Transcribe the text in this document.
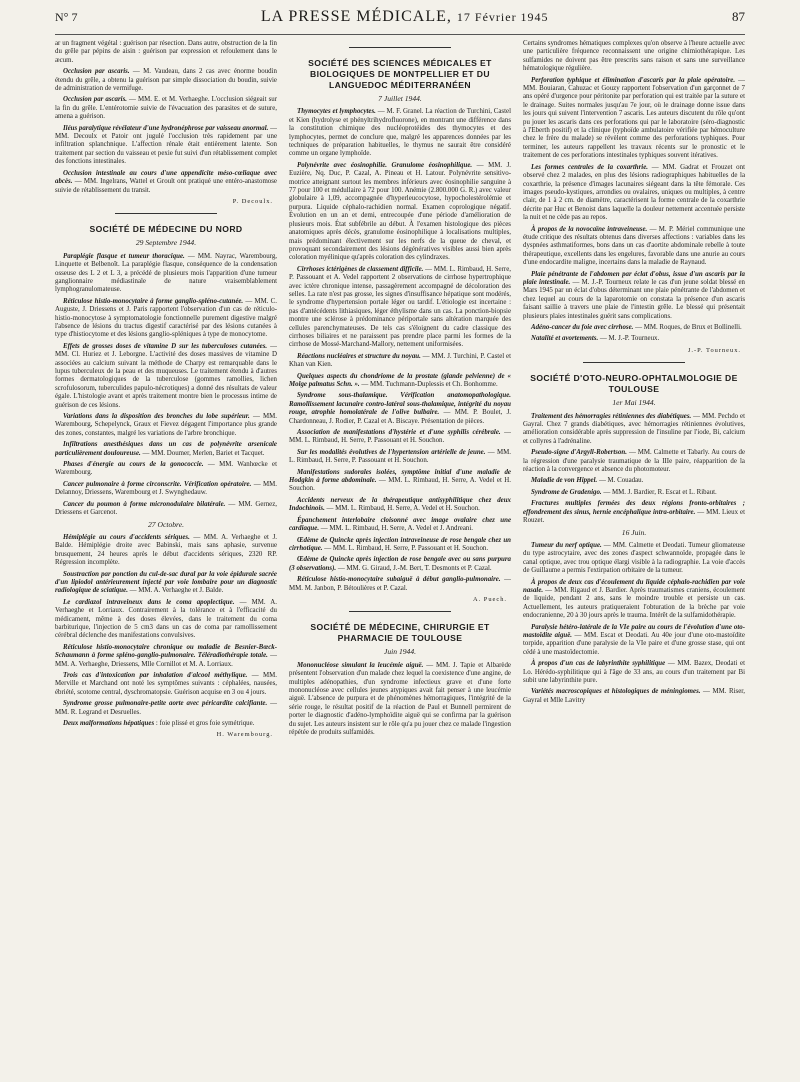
N° 7	LA PRESSE MÉDICALE, 17 Février 1945	87

ar un fragment végétal : guérison par résection. Dans autre, obstruction de la fin du grêle par pépins de aisin : guérison par expression et refoulement dans le æcum.

Occlusion par ascaris. — M. Vaudeau, dans 2 cas avec énorme boudin étendu du grêle, a obtenu la guérison par simple dissociation du boudin, suivie de administration de vermifuge.

Occlusion par ascaris. — MM. E. et M. Verhaeghe. L'occlusion siégeait sur la fin du grêle. L'entérotomie suivie de l'évacuation des parasites et de suture, amena a guérison.

Iléus paralytique révélateur d'une hydronéphrose par vaisseau anormal. — MM. Decoulx et Patoir ont jugulé l'occlusion très rapidement par une infiltration splanchnique. L'affection rénale était entièrement latente. Son traitement par section du vaisseau et pexie fut suivi d'un rétablissement complet des fonctions intestinales.

Occlusion intestinale au cours d'une appendicite méso-cœliaque avec abcès. — MM. Ingelrans, Wattel et Groult ont pratiqué une entéro-anastomose suivie de rétablissement du transit.

P. Decoulx.
SOCIÉTÉ DE MÉDECINE DU NORD
29 Septembre 1944.

Paraplégie flasque et tumeur thoracique. — MM. Nayrac, Warembourg, Linquette et Belbenoît. La paraplégie flasque, conséquence de la condensation osseuse des L 2 et L 3, a précédé de plusieurs mois l'apparition d'une tumeur ganglionnaire médiastinale de nature vraisemblablement lymphogranulomateuse.

Réticulose histio-monocytaire à forme ganglio-spléno-cutanée. — MM. C. Auguste, J. Driessens et J. Paris rapportent l'observation d'un cas de réticulo-histio-monocytose à symptomatologie fonctionnelle purement digestive malgré l'absence de lésions du tractus digestif caractérisé par des lésions cutanées à type d'histiocytome et des lésions ganglio-spléniques à type de monocytome.

Effets de grosses doses de vitamine D sur les tuberculoses cutanées. — MM. Cl. Huriez et J. Leborgne. L'activité des doses massives de vitamine D associées au calcium suivant la méthode de Charpy est remarquable dans le lupus tuberculeux de la peau et des muqueuses. Le traitement étendu à d'autres formes dermatologiques de la tuberculose (gommes ramollies, lichen scrofulosorum, tuberculides papulo-nécrotiques) a donné des résultats de valeur égale. L'histologie avant et après traitement montre bien le processus intime de guérison de ces lésions.

Variations dans la disposition des bronches du lobe supérieur. — MM. Warembourg, Schepelynck, Graux et Fievez dégagent l'importance plus grande des zones, constantes, malgré les variations de l'arbre bronchique.

Infiltrations anesthésiques dans un cas de polynévrite arsenicale particulièrement douloureuse. — MM. Doumer, Merlen, Bariet et Tacquet.

Phases d'énergie au cours de la gonococcie. — MM. Wanhœcke et Warembourg.

Cancer pulmonaire à forme circonscrite. Vérification opératoire. — MM. Delannoy, Driessens, Warembourg et J. Swynghedauw.

Cancer du poumon à forme micronodulaire bilatérale. — MM. Gernez, Driessens et Garcenot.

27 Octobre.

Hémiplégie au cours d'accidents sériques. — MM. A. Verhaeghe et J. Balde. Hémiplégie droite avec Babinski, mais sans aphasie, survenue brusquement, 24 heures après le début d'accidents sériques, 2320 RP. Régression incomplète.

Soustraction par ponction du cul-de-sac dural par la voie épidurale sacrée d'un lipiodol antérieurement injecté par voie lombaire pour un diagnostic radiologique de sciatique. — MM. A. Verhaeghe et J. Balde.

Le cardiazol intraveineux dans le coma apoplectique. — MM. A. Verhaeghe et Lorriaux. Contrairement à la tolérance et à l'efficacité du médicament, même à des doses élevées, dans le traitement du coma barbiturique, l'injection de 5 cm3 dans un cas de coma par ramollissement cérébral déclenche des manifestations convulsives.

Réticulose histio-monocytaire chronique ou maladie de Besnier-Bœck-Schaumann à forme spléno-ganglio-pulmonaire. Téléradiothérapie totale. — MM. A. Verhaeghe, Driessens, Mlle Cornillot et M. A. Lorriaux.

Trois cas d'intoxication par inhalation d'alcool méthylique. — MM. Merville et Marchand ont noté les symptômes suivants : céphalées, nausées, ébriété, scotome central, dyschromatopsie. Guérison acquise en 3 ou 4 jours.

Syndrome grosse pulmonaire-petite aorte avec péricardite calcifiante. — MM. R. Legrand et Desruelles.

Deux malformations hépatiques : foie plissé et gros foie symétrique.

H. Warembourg.
SOCIÉTÉ DES SCIENCES MÉDICALES ET BIOLOGIQUES DE MONTPELLIER ET DU LANGUEDOC MÉDITERRANÉEN
7 Juillet 1944.

Thymocytes et lymphocytes. — M. F. Granel. La réaction de Turchini, Castel et Kien (hydrolyse et phényltrihydrofluorone), en montrant une différence dans la constitution chimique des nucléoprotéides des thymocytes et des lymphocytes, permet de conclure que, malgré les apparences données par les techniques de préparation habituelles, le thymus ne saurait être considéré comme un organe lymphoïde.

Polynévrite avec éosinophilie. Granulome éosinophilique. — MM. J. Euzière, Nq. Duc, P. Cazal, A. Pineau et H. Latour. Polynévrite sensitivo-motrice atteignant surtout les membres inférieurs avec éosinophilie sanguine à 77 pour 100 et médullaire à 72 pour 100. Anémie (2.800.000 G. R.) avec valeur globulaire à 1,09, accompagnée d'hyperleucocytose, hypocholestérolémie et purpura. Liquide céphalo-rachidien normal. Examen coprologique négatif. Évolution en un an et demi, entrecoupée d'une période d'amélioration de plusieurs mois. État subfébrile au début. À l'examen histologique des pièces anatomiques après décès, granulome éosinophilique à localisations multiples, mais prédominant électivement sur les nerfs de la queue de cheval, et provoquant secondairement des lésions dégénératives visibles aussi bien après coloration myélinique qu'après coloration des cylindraxes.

Cirrhoses ictérigènes de classement difficile. — MM. L. Rimbaud, H. Serre, P. Passouant et A. Vedel rapportent 2 observations de cirrhose hypertrophique avec ictère chronique intense, passagèrement accompagné de décoloration des selles. La rate n'est pas grosse, les signes d'insuffisance hépatique sont modérés, le syndrome d'hypertension portale léger ou tardif. L'étiologie est incertaine : pas d'antécédents lithiasiques, léger éthylisme dans un cas. La ponction-biopsie montre une sclérose à prédominance périportale sans altération marquée des cellules parenchymateuses. De tels cas s'éloignent du cadre classique des cirrhoses biliaires et ne paraissent pas prendre place parmi les formes de la cirrhose de Mossé-Marchand-Mallory, nettement uniformisées.

Réactions nucléaires et structure du noyau. — MM. J. Turchini, P. Castel et Khan van Kien.

Quelques aspects du chondriome de la prostate (glande pelvienne) de « Molge palmatus Schn. ». — MM. Tuchmann-Duplessis et Ch. Bonhomme.

Syndrome sous-thalamique. Vérification anatomopathologique. Ramollissement lacunaire contro-latéral sous-thalamique, intégrité du noyau rouge, atrophie homolatérale de l'olive bulbaire. — MM. P. Boulet, J. Chardonneau, J. Rodier, P. Cazal et A. Biscaye. Présentation de pièces.

Association de manifestations d'hystérie et d'une syphilis cérébrale. — MM. L. Rimbaud, H. Serre, P. Passouant et H. Souchon.

Sur les modalités évolutives de l'hypertension artérielle de jeune. — MM. L. Rimbaud, H. Serre, P. Passouant et H. Souchon.

Manifestations sudorales isolées, symptôme initial d'une maladie de Hodgkin à forme abdominale. — MM. L. Rimbaud, H. Serre, A. Vedel et H. Souchon.

Accidents nerveux de la thérapeutique antisyphilitique chez deux Indochinois. — MM. L. Rimbaud, H. Serre, A. Vedel et H. Souchon.

Épanchement interlobaire cloisonné avec image ovalaire chez une cardiaque. — MM. L. Rimbaud, H. Serre, A. Vedel et J. Andreani.

Œdème de Quincke après injection intraveineuse de rose bengale chez un cirrhotique. — MM. L. Rimbaud, H. Serre, P. Passouant et H. Souchon.

Œdème de Quincke après injection de rose bengale avec ou sans purpura (3 observations). — MM. G. Giraud, J.-M. Bert, T. Desmonts et P. Cazal.

Réticulose histio-monocytaire subaiguë à début ganglio-pulmonaire. — MM. M. Janbon, P. Bétoulières et P. Cazal.

A. Puech.
SOCIÉTÉ DE MÉDECINE, CHIRURGIE ET PHARMACIE DE TOULOUSE
Juin 1944.

Mononucléose simulant la leucémie aiguë. — MM. J. Tapie et Albarède présentent l'observation d'un malade chez lequel la coexistence d'une angine, de multiples adénopathies, d'un syndrome infectieux grave et d'une forte mononucléose avec cellules jeunes atypiques avait fait penser à une leucémie aiguë. L'absence de purpura et de phénomènes hémorragiques, l'intégrité de la série rouge, le résultat positif de la réaction de Paul et Bunnell permirent de porter le diagnostic d'adéno-lymphoïdite aiguë qui se confirma par la guérison du sujet. Les auteurs insistent sur le rôle qu'a pu jouer chez ce malade l'ingestion répétée de produits sulfamidés.

Certains syndromes hématiques complexes qu'on observe à l'heure actuelle avec une particulière fréquence reconnaissent une origine chimiothérapique. Les sulfamides ne doivent pas être prescrits sans raison et sans une surveillance hématologique régulière.

Perforation typhique et élimination d'ascaris par la plaie opératoire. — MM. Bouiaran, Cahuzac et Gouzy rapportent l'observation d'un garçonnet de 7 ans opéré d'urgence pour péritonite par perforation qui est traitée par la suture et le drainage. Suites normales jusqu'au 7e jour, où le drainage donne issue dans les jours qui suivent l'intervention 7 ascaris. Les auteurs discutent du rôle qu'ont pu jouer les ascaris dans ces perforations qui par le laboratoire (séro-diagnostic à l'Eberth positif) et la clinique (typhoïde ambulatoire vérifiée par hémoculture chez le frère du malade) se révèlent comme des perforations typhiques. Pour terminer, les auteurs rappellent les travaux récents sur le pronostic et le traitement de ces perforations intestinales typhiques souvent itératives.

Les formes centrales de la coxarthrie. — MM. Gadrat et Frouzet ont observé chez 2 malades, en plus des lésions radiographiques habituelles de la coxarthrie, la présence d'images lacunaires siégeant dans la tête fémorale. Ces images pseudo-kystiques, arrondies ou ovalaires, uniques ou multiples, à centre clair, de 1 à 2 cm. de diamètre, caractérisent la forme centrale de la coxarthrie décrite par Huc et Benoist dans laquelle la douleur nettement accentuée persiste la nuit et ne cède pas au repos.

À propos de la novocaïne intraveineuse. — M. P. Mériel communique une étude critique des résultats obtenus dans diverses affections : variables dans les dyspnées asthmatiformes, bons dans un cas d'aortite abdominale rebelle à toute thérapeutique, excellents dans les engelures, favorable dans une anurie au cours d'une endocardite maligne, incertains dans la maladie de Raynaud.

Plaie pénétrante de l'abdomen par éclat d'obus, issue d'un ascaris par la plaie intestinale. — M. J.-P. Tourneux relate le cas d'un jeune soldat blessé en Mars 1945 par un éclat d'obus déterminant une plaie pénétrante de l'abdomen et chez lequel au cours de la laparotomie on constata la présence d'un ascaris faisant saillie à travers une plaie de l'intestin grêle. Le blessé qui présentait plusieurs plaies intestinales guérit sans complications.

Adéno-cancer du foie avec cirrhose. — MM. Roques, de Brux et Bollinelli.

Natalité et avortements. — M. J.-P. Tourneux.

J.-P. Tourneux.
SOCIÉTÉ D'OTO-NEURO-OPHTALMOLOGIE DE TOULOUSE
1er Mai 1944.

Traitement des hémorragies rétiniennes des diabétiques. — MM. Pechdo et Gayral. Chez 7 grands diabétiques, avec hémorragies rétiniennes évolutives, amélioration considérable après suppression de l'insuline par l'iode, Bi, calcium et collyres à l'adrénaline.

Pseudo-signe d'Argyll-Robertson. — MM. Calmette et Tabarly. Au cours de la régression d'une paralysie traumatique de la IIIe paire, réapparition de la réaction à la convergence et absence du photomoteur.

Maladie de von Hippel. — M. Couadau.

Syndrome de Gradenigo. — MM. J. Bardier, R. Escat et L. Ribaut.

Fractures multiples fermées des deux régions fronto-orbitaires ; effondrement des sinus, hernie encéphalique intra-orbitaire. — MM. Lieux et Rouzet.

16 Juin.

Tumeur du nerf optique. — MM. Calmette et Deodati. Tumeur gliomateuse du type astrocytaire, avec des zones d'aspect schwannoïde, propagée dans le canal optique, avec trou optique élargi visible à la radiographie. La voie d'accès de Guillaume a permis l'extirpation orbitaire de la tumeur.

À propos de deux cas d'écoulement du liquide céphalo-rachidien par voie nasale. — MM. Rigaud et J. Bardier. Après traumatismes craniens, écoulement de liquide, pendant 2 ans, sans le moindre trouble et persiste un cas. Actuellement, les auteurs pratiqueraient l'obturation de la brèche par voie endocranienne, 20 à 30 jours après le trauma. Intérêt de la sulfamidothérapie.

Paralysie hétéro-latérale de la VIe paire au cours de l'évolution d'une oto-mastoïdite aiguë. — MM. Escat et Deodati. Au 40e jour d'une oto-mastoïdite torpide, apparition d'une paralysie de la VIe paire et d'une grosse stase, qui ont cédé à une mastoïdectomie.

À propos d'un cas de labyrinthite syphilitique — MM. Bazex, Deodati et Lo. Hérédo-syphilitique qui à l'âge de 33 ans, au cours d'un traitement par Bi subit une labyrinthite pure.

Variétés macroscopiques et histologiques de méningiomes. — MM. Riser, Gayral et Mlle Lavitry
